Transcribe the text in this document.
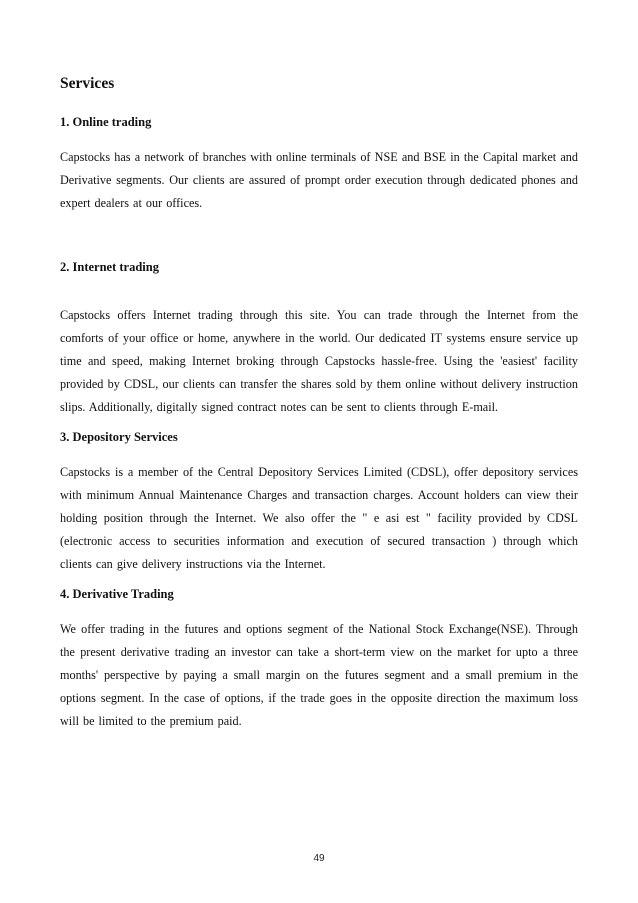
Services
1. Online trading

Capstocks has a network of branches with online terminals of NSE and BSE in the Capital market and Derivative segments. Our clients are assured of prompt order execution through dedicated phones and expert dealers at our offices.

2. Internet trading

Capstocks offers Internet trading through this site. You can trade through the Internet from the comforts of your office or home, anywhere in the world. Our dedicated IT systems ensure service up time and speed, making Internet broking through Capstocks hassle-free. Using the 'easiest' facility provided by CDSL, our clients can transfer the shares sold by them online without delivery instruction slips. Additionally, digitally signed contract notes can be sent to clients through E-mail.

3. Depository Services

Capstocks is a member of the Central Depository Services Limited (CDSL), offer depository services with minimum Annual Maintenance Charges and transaction charges. Account holders can view their holding position through the Internet. We also offer the " e asi est " facility provided by CDSL (electronic access to securities information and execution of secured transaction ) through which clients can give delivery instructions via the Internet.

4. Derivative Trading

We offer trading in the futures and options segment of the National Stock Exchange(NSE). Through the present derivative trading an investor can take a short-term view on the market for upto a three months' perspective by paying a small margin on the futures segment and a small premium in the options segment. In the case of options, if the trade goes in the opposite direction the maximum loss will be limited to the premium paid.

49
